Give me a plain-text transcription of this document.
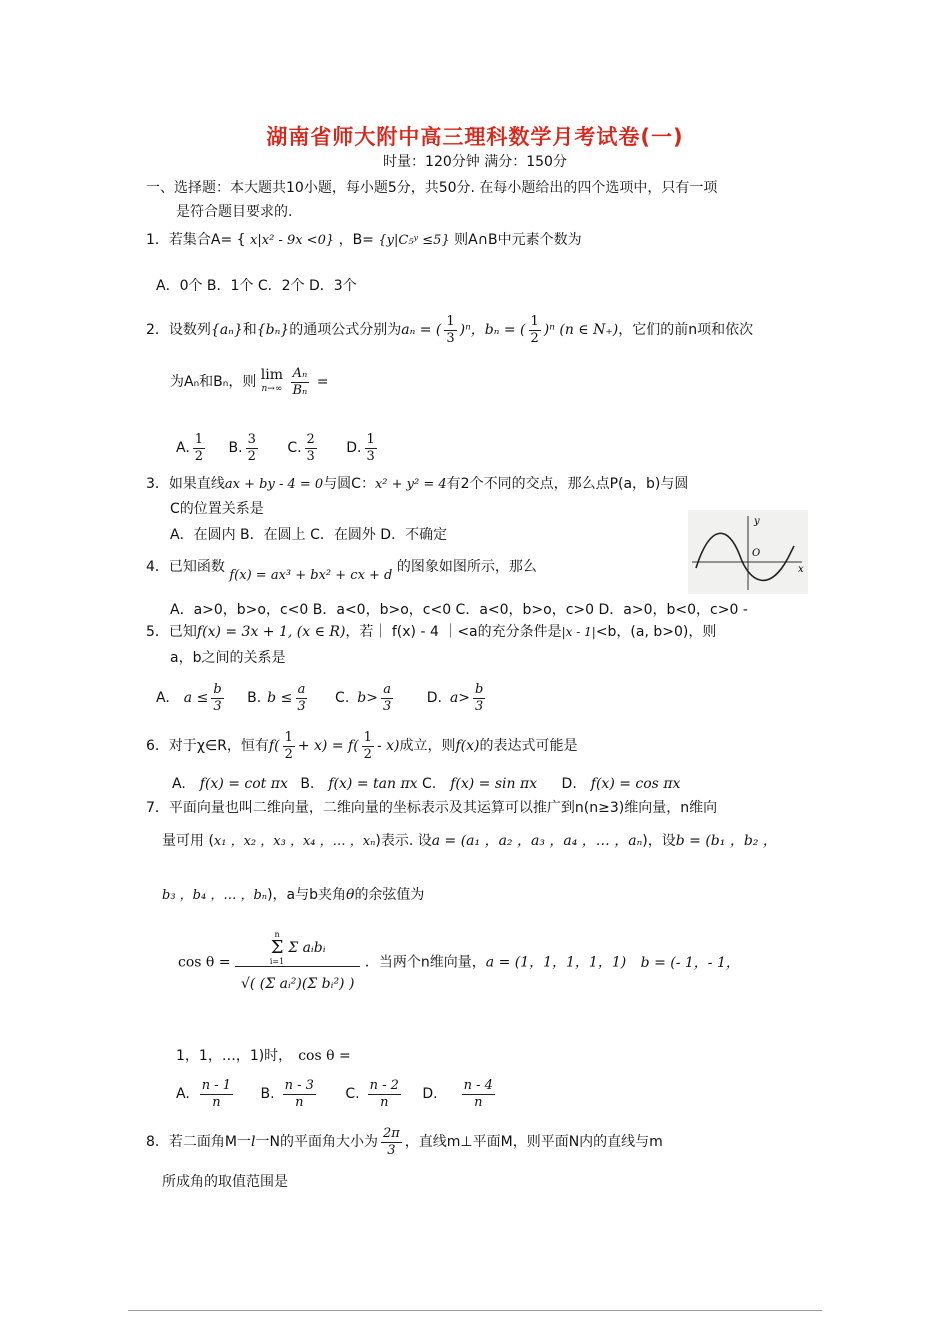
湖南省师大附中高三理科数学月考试卷(一)
时量：120分钟 满分：150分
一、选择题：本大题共10小题，每小题5分，共50分. 在每小题给出的四个选项中，只有一项
是符合题目要求的.
1．若集合A= { x|x² - 9x <0} ，B= {y|C₅ʸ ≤5} 则A∩B中元素个数为
A．0个 B．1个 C．2个 D．3个
2．设数列{aₙ}和{bₙ}的通项公式分别为aₙ = ( $\frac{1}{3} )^n$，bₙ = ( $\frac{1}{2} )^n$ (n ∈ N₊)，它们的前n项和依次
为Aₙ和Bₙ，则 lim
n→∞
$\frac{\text{Aₙ}}{\text{Bₙ}}$ =
A. $\frac{1}{2} B$. $\frac{3}{2} C$. $\frac{2}{3} D$. $\frac{1}{3}$
3．如果直线ax + by - 4 = 0与圆C：x² + y² = 4有2个不同的交点，那么点P(a，b)与圆
C的位置关系是
A．在圆内 B．在圆上 C．在圆外 D．不确定
y
x
O
4．已知函数 f(x) = ax³ + bx² + cx + d 的图象如图所示，那么
A．a>0，b>o，c<0 B．a<0，b>o，c<0 C．a<0，b>o，c>0 D．a>0，b<0，c>0 -
5．已知f(x) = 3x + 1, (x ∈ R)，若｜ f(x) - 4 ｜<a的充分条件是|x - 1|<b，(a, b>0)，则
a，b之间的关系是
A. $a \le \frac{b}{3} B$. $b \le \frac{a}{3} C$. $b> \frac{a}{3} D$. $a> \frac{b}{3}$
6．对于χ∈R，恒有$f( \frac{1}{2} + x) = f( \frac{1}{2} - x)$成立，则f(x)的表达式可能是
A. f(x) = cot πx B. f(x) = tan πx C. f(x) = sin πx D. f(x) = cos πx
7．平面向量也叫二维向量，二维向量的坐标表示及其运算可以推广到n(n≥3)维向量，n维向
量可用 (x₁ ，x₂ ，x₃ ，x₄ ，… ，xₙ)表示. 设a = (a₁ ，a₂ ，a₃ ，a₄ ，… ，aₙ)，设b = (b₁ ，b₂ ，
b₃ ，b₄ ，… ，bₙ)，a与b夹角θ的余弦值为
cos θ =
n
Σ
i=1
Σ aᵢbᵢ
√( (Σ aᵢ²)(Σ bᵢ²) )
．当两个n维向量，a = (1，1，1，1，1) b = (- 1，- 1，
1，1，…，1)时， cos θ =
A. $\frac{n - 1}{n} B$. $\frac{n - 3}{n} C$. $\frac{n - 2}{n} D$. $\frac{n - 4}{n}$
8．若二面角M一l一N的平面角大小为 $\frac{2\pi}{3}$ ，直线m⊥平面M，则平面N内的直线与m
所成角的取值范围是
